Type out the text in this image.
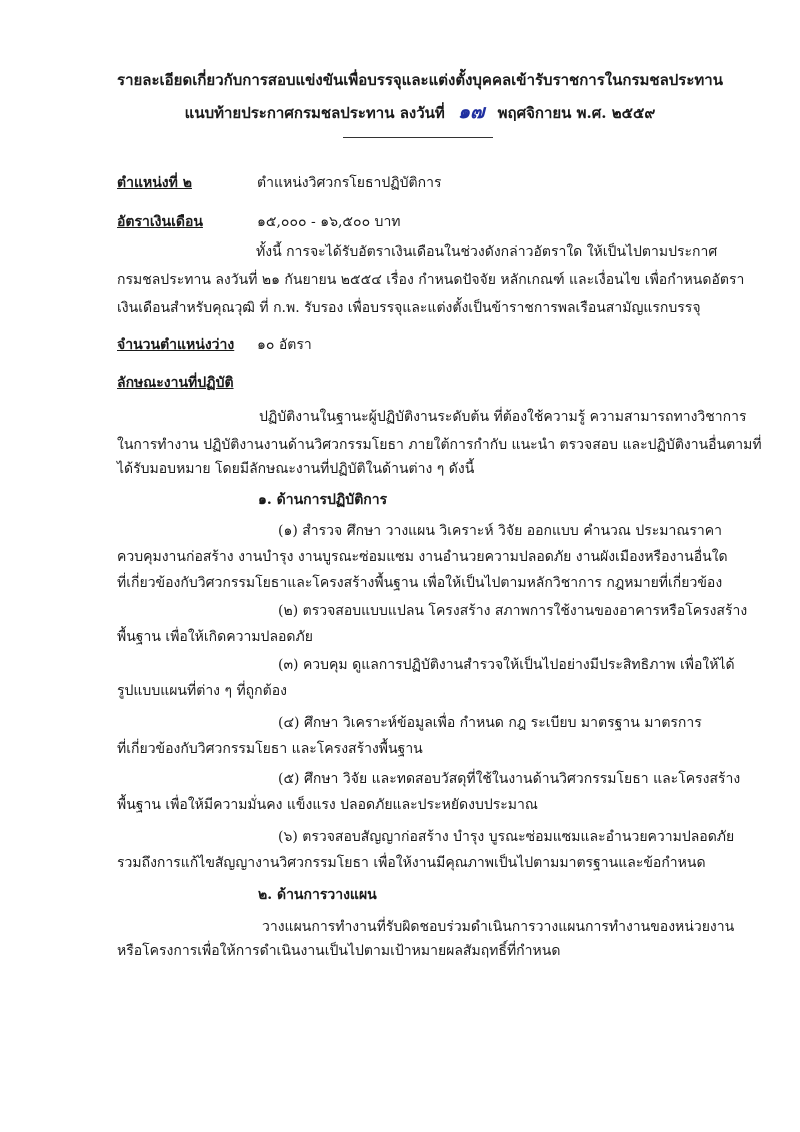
รายละเอียดเกี่ยวกับการสอบแข่งขันเพื่อบรรจุและแต่งตั้งบุคคลเข้ารับราชการในกรมชลประทาน
แนบท้ายประกาศกรมชลประทาน ลงวันที่ ๑๗ พฤศจิกายน พ.ศ. ๒๕๕๙
ตำแหน่งที่ ๒	ตำแหน่งวิศวกรโยธาปฏิบัติการ
อัตราเงินเดือน	๑๕,๐๐๐ - ๑๖,๕๐๐ บาท
ทั้งนี้ การจะได้รับอัตราเงินเดือนในช่วงดังกล่าวอัตราใด ให้เป็นไปตามประกาศ
กรมชลประทาน ลงวันที่ ๒๑ กันยายน ๒๕๕๔ เรื่อง กำหนดปัจจัย หลักเกณฑ์ และเงื่อนไข เพื่อกำหนดอัตรา
เงินเดือนสำหรับคุณวุฒิ ที่ ก.พ. รับรอง เพื่อบรรจุและแต่งตั้งเป็นข้าราชการพลเรือนสามัญแรกบรรจุ
จำนวนตำแหน่งว่าง ๑๐ อัตรา
ลักษณะงานที่ปฏิบัติ
ปฏิบัติงานในฐานะผู้ปฏิบัติงานระดับต้น ที่ต้องใช้ความรู้ ความสามารถทางวิชาการ
ในการทำงาน ปฏิบัติงานงานด้านวิศวกรรมโยธา ภายใต้การกำกับ แนะนำ ตรวจสอบ และปฏิบัติงานอื่นตามที่
ได้รับมอบหมาย โดยมีลักษณะงานที่ปฏิบัติในด้านต่าง ๆ ดังนี้
๑. ด้านการปฏิบัติการ
(๑) สำรวจ ศึกษา วางแผน วิเคราะห์ วิจัย ออกแบบ คำนวณ ประมาณราคา
ควบคุมงานก่อสร้าง งานบำรุง งานบูรณะซ่อมแซม งานอำนวยความปลอดภัย งานผังเมืองหรืองานอื่นใด
ที่เกี่ยวข้องกับวิศวกรรมโยธาและโครงสร้างพื้นฐาน เพื่อให้เป็นไปตามหลักวิชาการ กฎหมายที่เกี่ยวข้อง
(๒) ตรวจสอบแบบแปลน โครงสร้าง สภาพการใช้งานของอาคารหรือโครงสร้าง
พื้นฐาน เพื่อให้เกิดความปลอดภัย
(๓) ควบคุม ดูแลการปฏิบัติงานสำรวจให้เป็นไปอย่างมีประสิทธิภาพ เพื่อให้ได้
รูปแบบแผนที่ต่าง ๆ ที่ถูกต้อง
(๔) ศึกษา วิเคราะห์ข้อมูลเพื่อ กำหนด กฎ ระเบียบ มาตรฐาน มาตรการ
ที่เกี่ยวข้องกับวิศวกรรมโยธา และโครงสร้างพื้นฐาน
(๕) ศึกษา วิจัย และทดสอบวัสดุที่ใช้ในงานด้านวิศวกรรมโยธา และโครงสร้าง
พื้นฐาน เพื่อให้มีความมั่นคง แข็งแรง ปลอดภัยและประหยัดงบประมาณ
(๖) ตรวจสอบสัญญาก่อสร้าง บำรุง บูรณะซ่อมแซมและอำนวยความปลอดภัย
รวมถึงการแก้ไขสัญญางานวิศวกรรมโยธา เพื่อให้งานมีคุณภาพเป็นไปตามมาตรฐานและข้อกำหนด
๒. ด้านการวางแผน
วางแผนการทำงานที่รับผิดชอบร่วมดำเนินการวางแผนการทำงานของหน่วยงาน
หรือโครงการเพื่อให้การดำเนินงานเป็นไปตามเป้าหมายผลสัมฤทธิ์ที่กำหนด
